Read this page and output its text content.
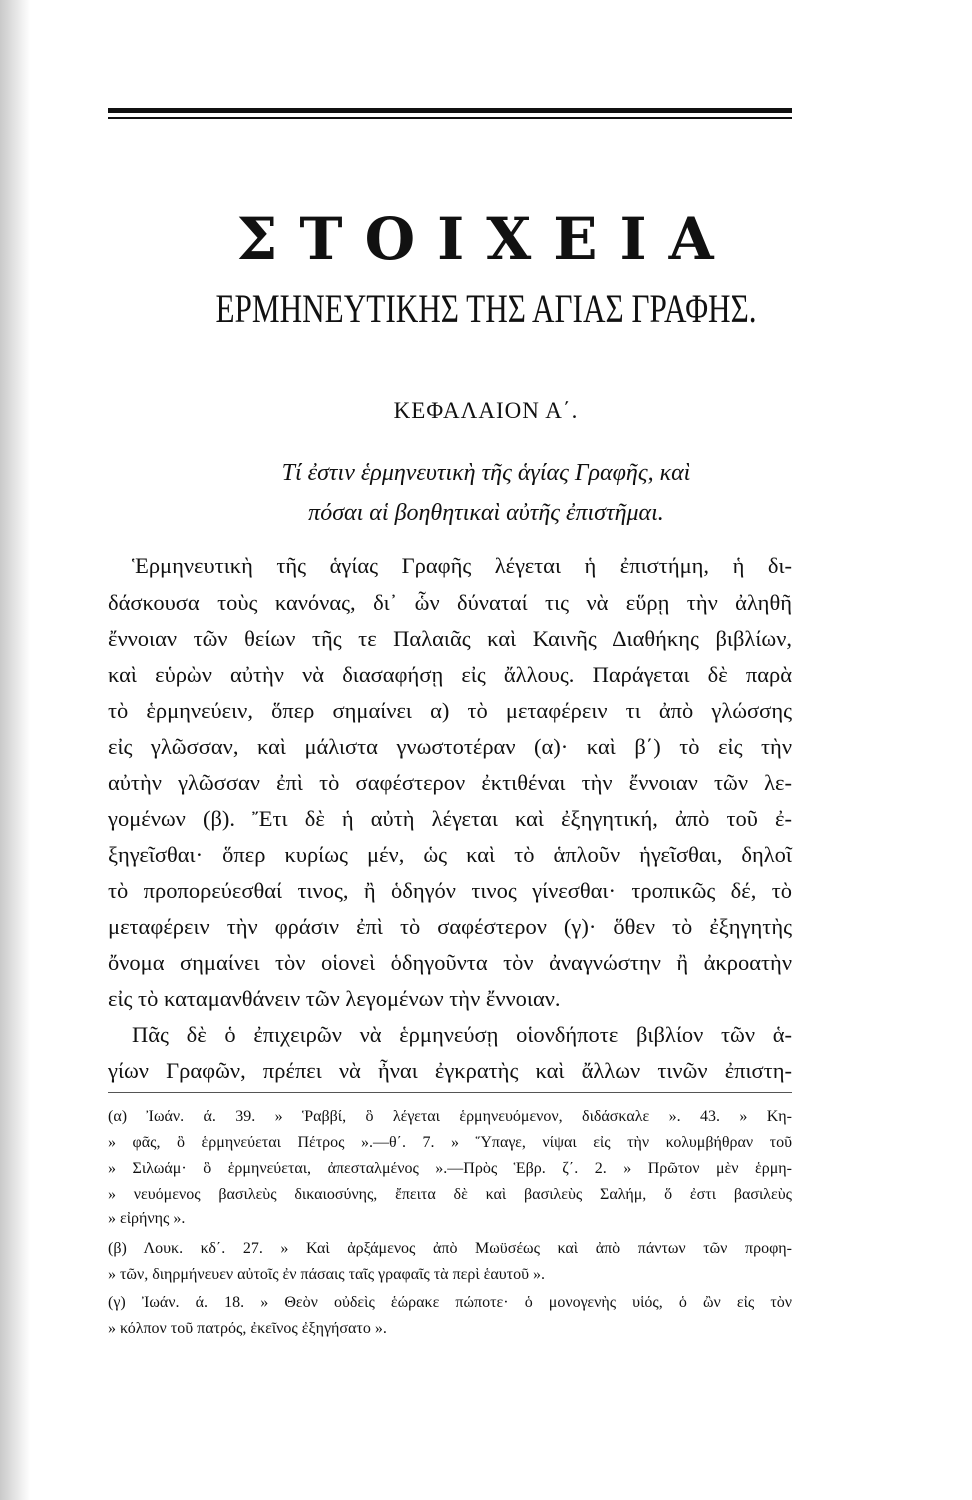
ΣΤΟΙΧΕΙΑ
ΕΡΜΗΝΕΥΤΙΚΗΣ ΤΗΣ ΑΓΙΑΣ ΓΡΑΦΗΣ.
ΚΕΦΑΛΑΙΟΝ Α΄.
Τί ἐστιν ἑρμηνευτικὴ τῆς ἁγίας Γραφῆς, καὶ
πόσαι αἱ βοηθητικαὶ αὐτῆς ἐπιστῆμαι.
Ἑρμηνευτικὴ τῆς ἁγίας Γραφῆς λέγεται ἡ ἐπιστήμη, ἡ δι-
δάσκουσα τοὺς κανόνας, δι᾽ ὧν δύναταί τις νὰ εὕρῃ τὴν ἀληθῆ
ἔννοιαν τῶν θείων τῆς τε Παλαιᾶς καὶ Καινῆς Διαθήκης βιβλίων,
καὶ εὑρὼν αὐτὴν νὰ διασαφήσῃ εἰς ἄλλους. Παράγεται δὲ παρὰ
τὸ ἑρμηνεύειν, ὅπερ σημαίνει α) τὸ μεταφέρειν τι ἀπὸ γλώσσης
εἰς γλῶσσαν, καὶ μάλιστα γνωστοτέραν (α)· καὶ β΄) τὸ εἰς τὴν
αὐτὴν γλῶσσαν ἐπὶ τὸ σαφέστερον ἐκτιθέναι τὴν ἔννοιαν τῶν λε-
γομένων (β). Ἔτι δὲ ἡ αὐτὴ λέγεται καὶ ἐξηγητική, ἀπὸ τοῦ ἐ-
ξηγεῖσθαι· ὅπερ κυρίως μέν, ὡς καὶ τὸ ἁπλοῦν ἡγεῖσθαι, δηλοῖ
τὸ προπορεύεσθαί τινος, ἢ ὁδηγόν τινος γίνεσθαι· τροπικῶς δέ, τὸ
μεταφέρειν τὴν φράσιν ἐπὶ τὸ σαφέστερον (γ)· ὅθεν τὸ ἐξηγητὴς
ὄνομα σημαίνει τὸν οἱονεὶ ὁδηγοῦντα τὸν ἀναγνώστην ἢ ἀκροατὴν
εἰς τὸ καταμανθάνειν τῶν λεγομένων τὴν ἔννοιαν.
Πᾶς δὲ ὁ ἐπιχειρῶν νὰ ἑρμηνεύσῃ οἱονδήποτε βιβλίον τῶν ἁ-
γίων Γραφῶν, πρέπει νὰ ἦναι ἐγκρατὴς καὶ ἄλλων τινῶν ἐπιστη-
(α) Ἰωάν. ά. 39. » Ῥαββί, ὃ λέγεται ἑρμηνευόμενον, διδάσκαλε ». 43. » Κη-
» φᾶς, ὃ ἑρμηνεύεται Πέτρος ».—θ΄. 7. » Ὕπαγε, νίψαι εἰς τὴν κολυμβήθραν τοῦ
» Σιλωάμ· ὃ ἑρμηνεύεται, ἀπεσταλμένος ».—Πρὸς Ἑβρ. ζ΄. 2. » Πρῶτον μὲν ἑρμη-
» νευόμενος βασιλεὺς δικαιοσύνης, ἔπειτα δὲ καὶ βασιλεὺς Σαλήμ, ὅ ἐστι βασιλεὺς
» εἰρήνης ».
(β) Λουκ. κδ΄. 27. » Καὶ ἀρξάμενος ἀπὸ Μωϋσέως καὶ ἀπὸ πάντων τῶν προφη-
» τῶν, διηρμήνευεν αὐτοῖς ἐν πάσαις ταῖς γραφαῖς τὰ περὶ ἑαυτοῦ ».
(γ) Ἰωάν. ά. 18. » Θεὸν οὐδεὶς ἑώρακε πώποτε· ὁ μονογενὴς υἱός, ὁ ὢν εἰς τὸν
» κόλπον τοῦ πατρός, ἐκεῖνος ἐξηγήσατο ».
